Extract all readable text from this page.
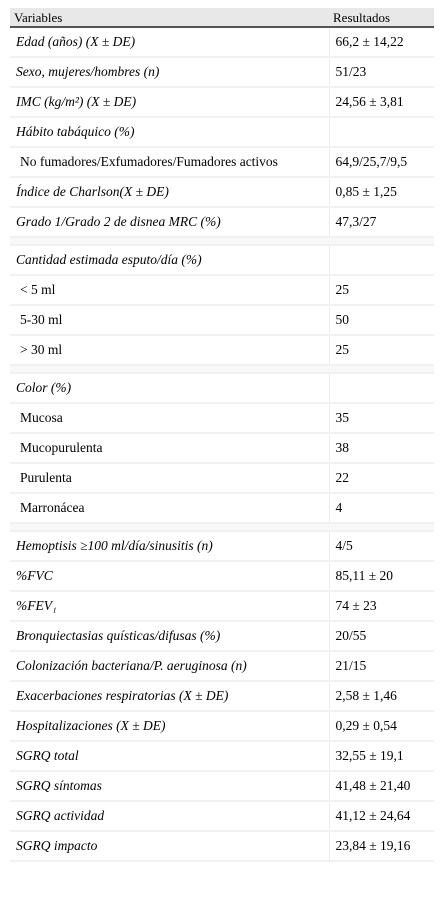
Variables	Resultados
Edad (años) (X ± DE)	66,2 ± 14,22
Sexo, mujeres/hombres (n)	51/23
IMC (kg/m²) (X ± DE)	24,56 ± 3,81
Hábito tabáquico (%)	
No fumadores/Exfumadores/Fumadores activos	64,9/25,7/9,5
Índice de Charlson(X ± DE)	0,85 ± 1,25
Grado 1/Grado 2 de disnea MRC (%)	47,3/27

Cantidad estimada esputo/día (%)	
< 5 ml	25
5-30 ml	50
> 30 ml	25

Color (%)	
Mucosa	35
Mucopurulenta	38
Purulenta	22
Marronácea	4

Hemoptisis ≥100 ml/día/sinusitis (n)	4/5
%FVC	85,11 ± 20
%FEV₁	74 ± 23
Bronquiectasias quísticas/difusas (%)	20/55
Colonización bacteriana/P. aeruginosa (n)	21/15
Exacerbaciones respiratorias (X ± DE)	2,58 ± 1,46
Hospitalizaciones (X ± DE)	0,29 ± 0,54
SGRQ total	32,55 ± 19,1
SGRQ síntomas	41,48 ± 21,40
SGRQ actividad	41,12 ± 24,64
SGRQ impacto	23,84 ± 19,16
